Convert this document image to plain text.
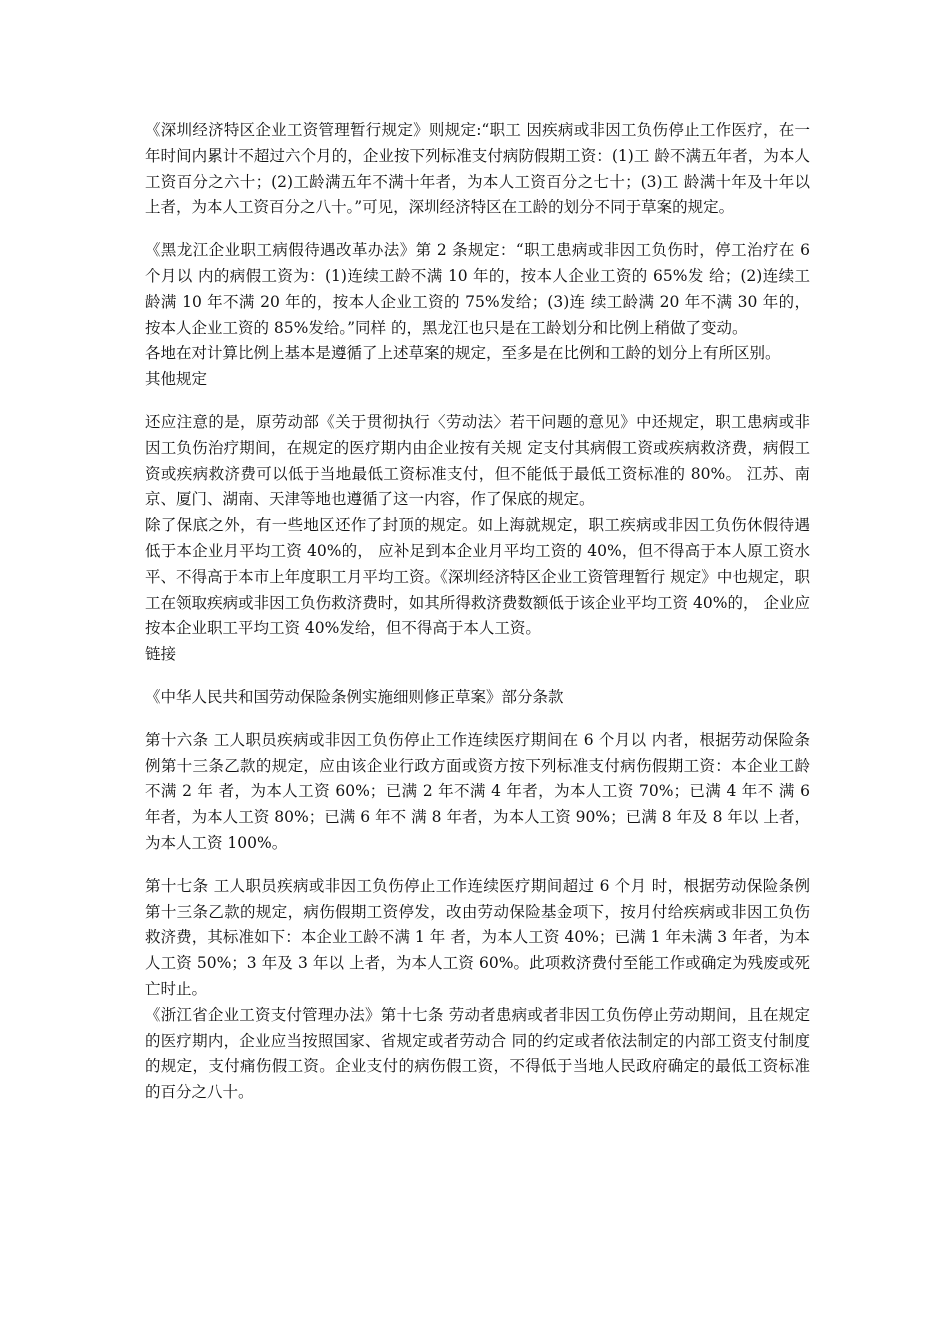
《深圳经济特区企业工资管理暂行规定》则规定:“职工 因疾病或非因工负伤停止工作医疗，在一年时间内累计不超过六个月的，企业按下列标准支付病防假期工资：(1)工 龄不满五年者，为本人工资百分之六十；(2)工龄满五年不满十年者，为本人工资百分之七十；(3)工 龄满十年及十年以上者，为本人工资百分之八十。”可见，深圳经济特区在工龄的划分不同于草案的规定。

《黑龙江企业职工病假待遇改革办法》第 2 条规定：“职工患病或非因工负伤时，停工治疗在 6 个月以 内的病假工资为：(1)连续工龄不满 10 年的，按本人企业工资的 65%发 给；(2)连续工龄满 10 年不满 20 年的，按本人企业工资的 75%发给；(3)连 续工龄满 20 年不满 30 年的，按本人企业工资的 85%发给。”同样 的，黑龙江也只是在工龄划分和比例上稍做了变动。

各地在对计算比例上基本是遵循了上述草案的规定，至多是在比例和工龄的划分上有所区别。

其他规定

还应注意的是，原劳动部《关于贯彻执行〈劳动法〉若干问题的意见》中还规定，职工患病或非因工负伤治疗期间，在规定的医疗期内由企业按有关规 定支付其病假工资或疾病救济费，病假工资或疾病救济费可以低于当地最低工资标准支付，但不能低于最低工资标准的 80%。 江苏、南京、厦门、湖南、天津等地也遵循了这一内容，作了保底的规定。

除了保底之外，有一些地区还作了封顶的规定。如上海就规定，职工疾病或非因工负伤休假待遇低于本企业月平均工资 40%的， 应补足到本企业月平均工资的 40%，但不得高于本人原工资水平、不得高于本市上年度职工月平均工资。《深圳经济特区企业工资管理暂行 规定》中也规定，职工在领取疾病或非因工负伤救济费时，如其所得救济费数额低于该企业平均工资 40%的， 企业应按本企业职工平均工资 40%发给，但不得高于本人工资。

链接

《中华人民共和国劳动保险条例实施细则修正草案》部分条款

第十六条 工人职员疾病或非因工负伤停止工作连续医疗期间在 6 个月以 内者，根据劳动保险条例第十三条乙款的规定，应由该企业行政方面或资方按下列标准支付病伤假期工资：本企业工龄不满 2 年 者，为本人工资 60%；已满 2 年不满 4 年者，为本人工资 70%；已满 4 年不 满 6 年者，为本人工资 80%；已满 6 年不 满 8 年者，为本人工资 90%；已满 8 年及 8 年以 上者，为本人工资 100%。

第十七条 工人职员疾病或非因工负伤停止工作连续医疗期间超过 6 个月 时，根据劳动保险条例第十三条乙款的规定，病伤假期工资停发，改由劳动保险基金项下，按月付给疾病或非因工负伤救济费，其标准如下：本企业工龄不满 1 年 者，为本人工资 40%；已满 1 年未满 3 年者，为本人工资 50%；3 年及 3 年以 上者，为本人工资 60%。此项救济费付至能工作或确定为残废或死亡时止。

《浙江省企业工资支付管理办法》第十七条 劳动者患病或者非因工负伤停止劳动期间，且在规定的医疗期内，企业应当按照国家、省规定或者劳动合 同的约定或者依法制定的内部工资支付制度的规定，支付痛伤假工资。企业支付的病伤假工资，不得低于当地人民政府确定的最低工资标准的百分之八十。
